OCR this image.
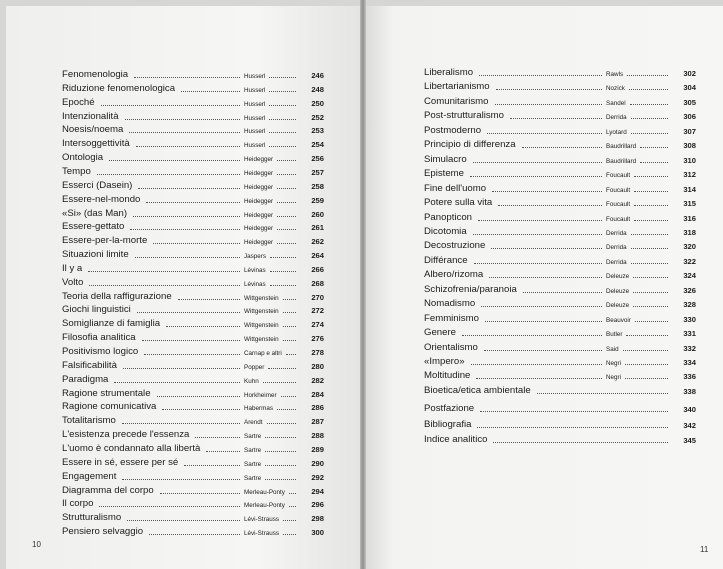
Fenomenologia	Husserl	246
Riduzione fenomenologica	Husserl	248
Epoché	Husserl	250
Intenzionalità	Husserl	252
Noesis/noema	Husserl	253
Intersoggettività	Husserl	254
Ontologia	Heidegger	256
Tempo	Heidegger	257
Esserci (Dasein)	Heidegger	258
Essere-nel-mondo	Heidegger	259
«Si» (das Man)	Heidegger	260
Essere-gettato	Heidegger	261
Essere-per-la-morte	Heidegger	262
Situazioni limite	Jaspers	264
Il y a	Lévinas	266
Volto	Lévinas	268
Teoria della raffigurazione	Wittgenstein	270
Giochi linguistici	Wittgenstein	272
Somiglianze di famiglia	Wittgenstein	274
Filosofia analitica	Wittgenstein	276
Positivismo logico	Carnap e altri	278
Falsificabilità	Popper	280
Paradigma	Kuhn	282
Ragione strumentale	Horkheimer	284
Ragione comunicativa	Habermas	286
Totalitarismo	Arendt	287
L'esistenza precede l'essenza	Sartre	288
L'uomo è condannato alla libertà	Sartre	289
Essere in sé, essere per sé	Sartre	290
Engagement	Sartre	292
Diagramma del corpo	Merleau-Ponty	294
Il corpo	Merleau-Ponty	296
Strutturalismo	Lévi-Strauss	298
Pensiero selvaggio	Lévi-Strauss	300
Liberalismo	Rawls	302
Libertarianismo	Nozick	304
Comunitarismo	Sandel	305
Post-strutturalismo	Derrida	306
Postmoderno	Lyotard	307
Principio di differenza	Baudrillard	308
Simulacro	Baudrillard	310
Episteme	Foucault	312
Fine dell'uomo	Foucault	314
Potere sulla vita	Foucault	315
Panopticon	Foucault	316
Dicotomia	Derrida	318
Decostruzione	Derrida	320
Différance	Derrida	322
Albero/rizoma	Deleuze	324
Schizofrenia/paranoia	Deleuze	326
Nomadismo	Deleuze	328
Femminismo	Beauvoir	330
Genere	Butler	331
Orientalismo	Said	332
«Impero»	Negri	334
Moltitudine	Negri	336
Bioetica/etica ambientale	338
Postfazione	340
Bibliografia	342
Indice analitico	345
10
11
